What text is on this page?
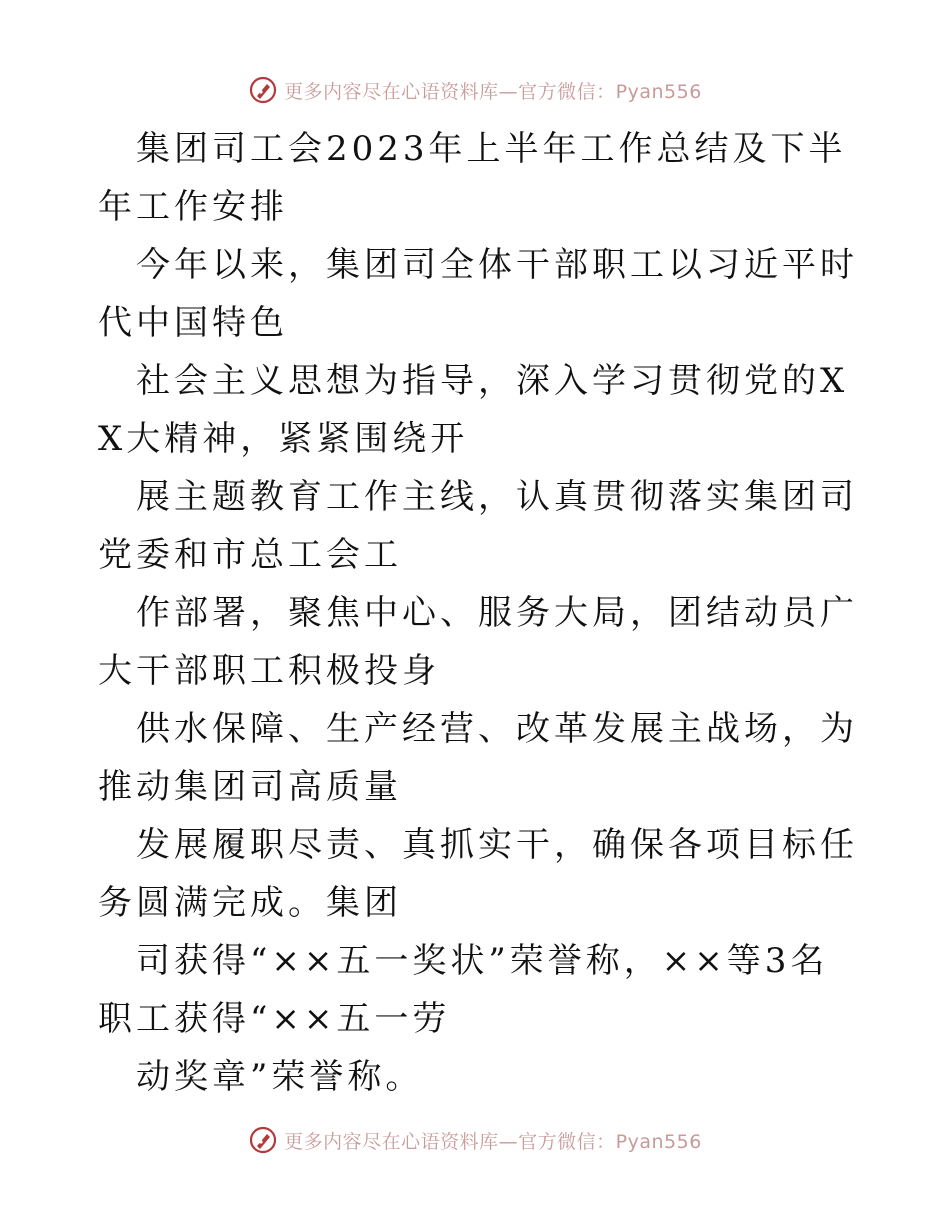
更多内容尽在心语资料库—官方微信：Pyan556

集团司工会2023年上半年工作总结及下半年工作安排

今年以来，集团司全体干部职工以习近平时代中国特色

社会主义思想为指导，深入学习贯彻党的XX大精神，紧紧围绕开

展主题教育工作主线，认真贯彻落实集团司党委和市总工会工

作部署，聚焦中心、服务大局，团结动员广大干部职工积极投身

供水保障、生产经营、改革发展主战场，为推动集团司高质量

发展履职尽责、真抓实干，确保各项目标任务圆满完成。集团

司获得“××五一奖状”荣誉称，××等3名职工获得“××五一劳

动奖章”荣誉称。

更多内容尽在心语资料库—官方微信：Pyan556
